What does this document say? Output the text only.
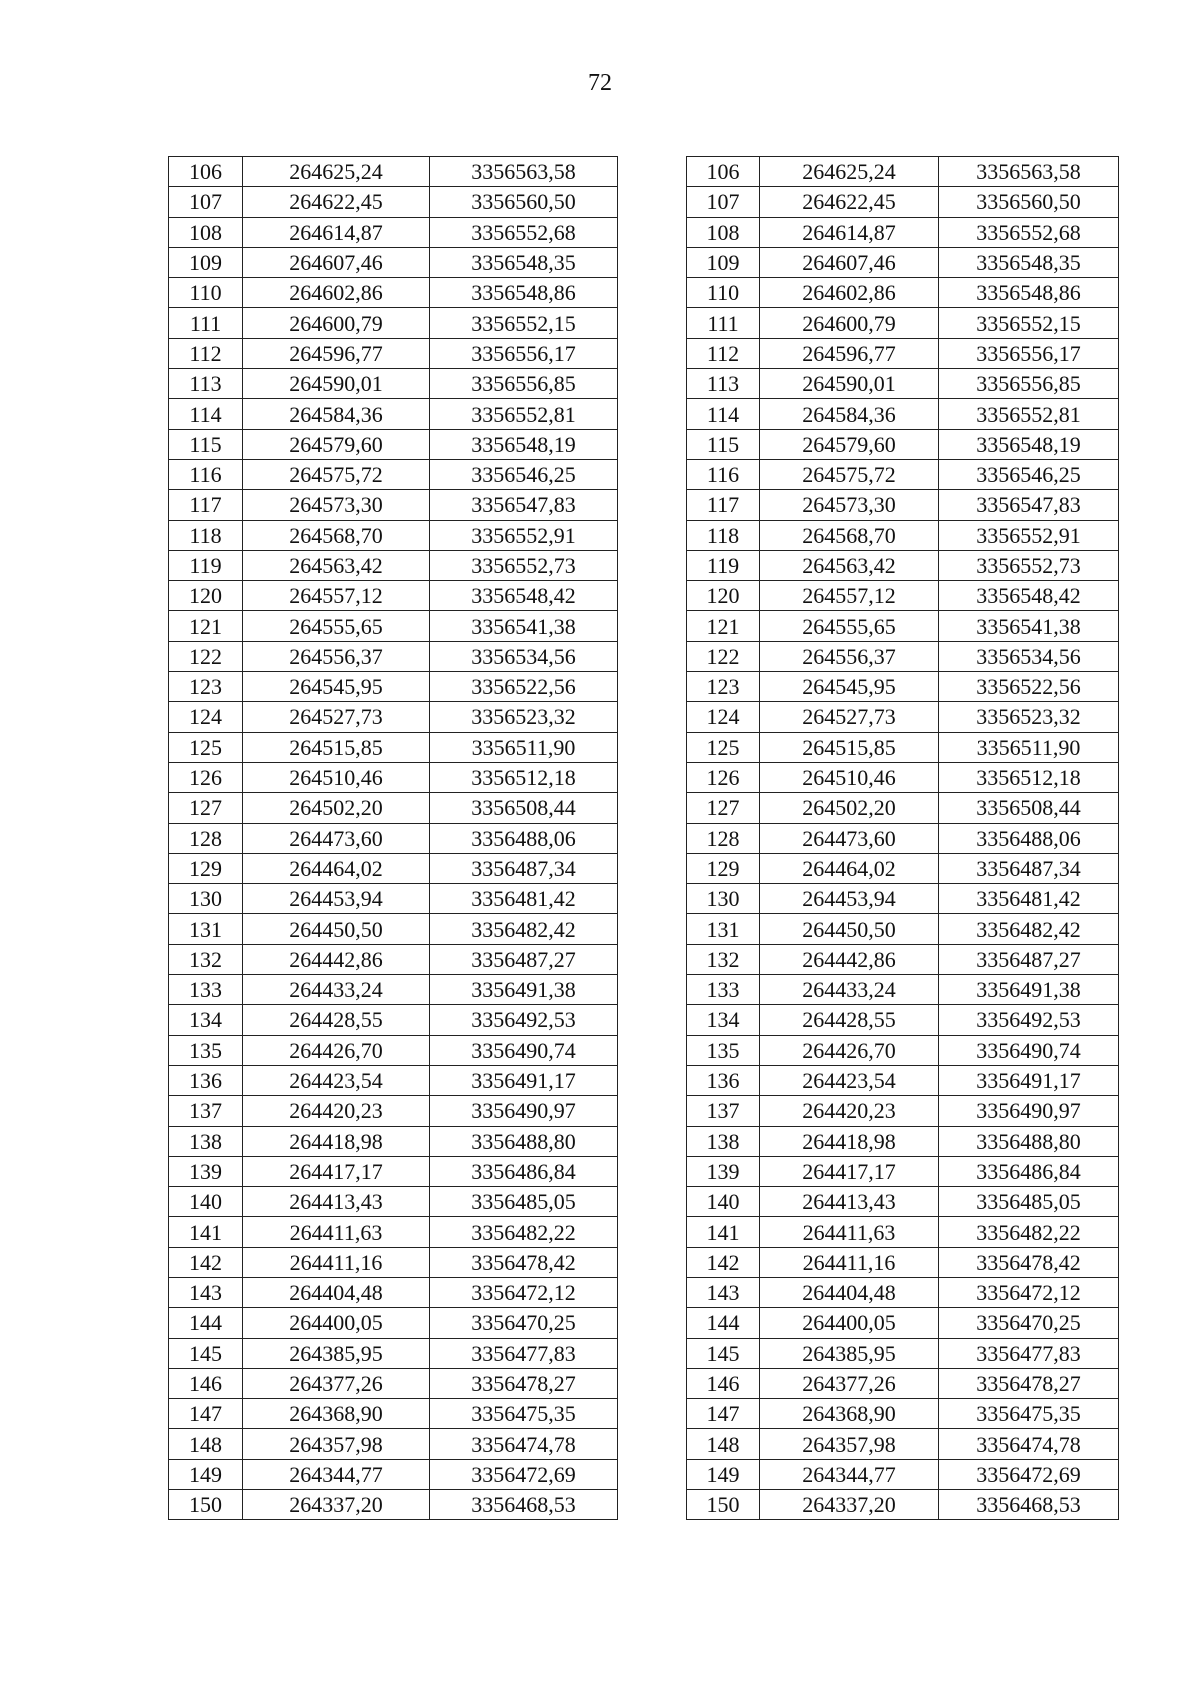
72
106	264625,24	3356563,58
107	264622,45	3356560,50
108	264614,87	3356552,68
109	264607,46	3356548,35
110	264602,86	3356548,86
111	264600,79	3356552,15
112	264596,77	3356556,17
113	264590,01	3356556,85
114	264584,36	3356552,81
115	264579,60	3356548,19
116	264575,72	3356546,25
117	264573,30	3356547,83
118	264568,70	3356552,91
119	264563,42	3356552,73
120	264557,12	3356548,42
121	264555,65	3356541,38
122	264556,37	3356534,56
123	264545,95	3356522,56
124	264527,73	3356523,32
125	264515,85	3356511,90
126	264510,46	3356512,18
127	264502,20	3356508,44
128	264473,60	3356488,06
129	264464,02	3356487,34
130	264453,94	3356481,42
131	264450,50	3356482,42
132	264442,86	3356487,27
133	264433,24	3356491,38
134	264428,55	3356492,53
135	264426,70	3356490,74
136	264423,54	3356491,17
137	264420,23	3356490,97
138	264418,98	3356488,80
139	264417,17	3356486,84
140	264413,43	3356485,05
141	264411,63	3356482,22
142	264411,16	3356478,42
143	264404,48	3356472,12
144	264400,05	3356470,25
145	264385,95	3356477,83
146	264377,26	3356478,27
147	264368,90	3356475,35
148	264357,98	3356474,78
149	264344,77	3356472,69
150	264337,20	3356468,53
106	264625,24	3356563,58
107	264622,45	3356560,50
108	264614,87	3356552,68
109	264607,46	3356548,35
110	264602,86	3356548,86
111	264600,79	3356552,15
112	264596,77	3356556,17
113	264590,01	3356556,85
114	264584,36	3356552,81
115	264579,60	3356548,19
116	264575,72	3356546,25
117	264573,30	3356547,83
118	264568,70	3356552,91
119	264563,42	3356552,73
120	264557,12	3356548,42
121	264555,65	3356541,38
122	264556,37	3356534,56
123	264545,95	3356522,56
124	264527,73	3356523,32
125	264515,85	3356511,90
126	264510,46	3356512,18
127	264502,20	3356508,44
128	264473,60	3356488,06
129	264464,02	3356487,34
130	264453,94	3356481,42
131	264450,50	3356482,42
132	264442,86	3356487,27
133	264433,24	3356491,38
134	264428,55	3356492,53
135	264426,70	3356490,74
136	264423,54	3356491,17
137	264420,23	3356490,97
138	264418,98	3356488,80
139	264417,17	3356486,84
140	264413,43	3356485,05
141	264411,63	3356482,22
142	264411,16	3356478,42
143	264404,48	3356472,12
144	264400,05	3356470,25
145	264385,95	3356477,83
146	264377,26	3356478,27
147	264368,90	3356475,35
148	264357,98	3356474,78
149	264344,77	3356472,69
150	264337,20	3356468,53
